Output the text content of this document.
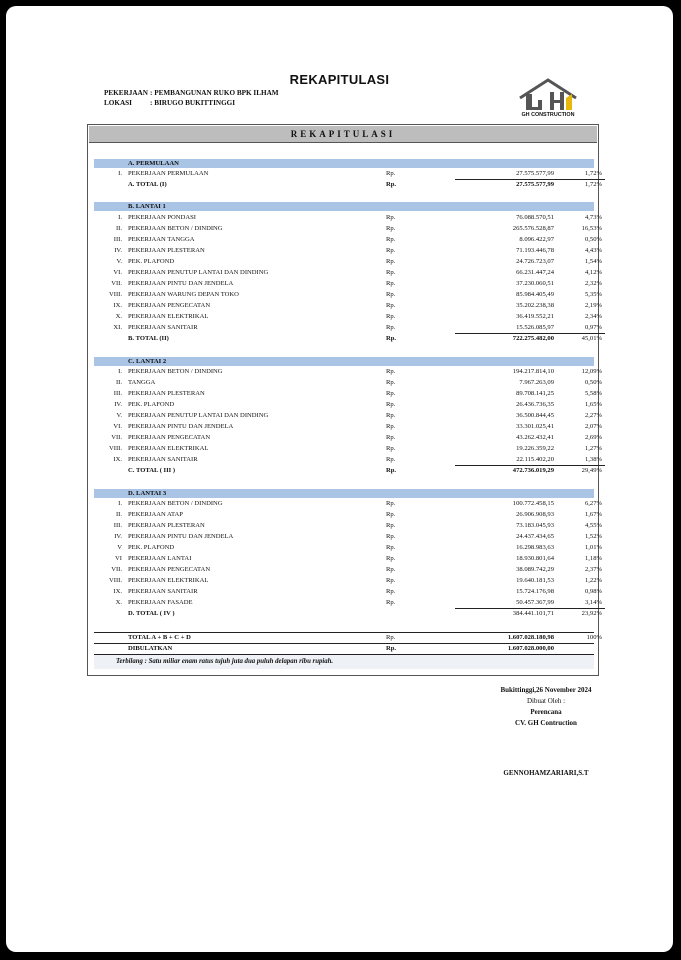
REKAPITULASI
PEKERJAAN : PEMBANGUNAN RUKO BPK ILHAM
LOKASI	: BIRUGO BUKITTINGGI
GH CONSTRUCTION
REKAPITULASI
A. PERMULAAN
I. PEKERJAAN PERMULAAN	Rp.	27.575.577,99	1,72%
A. TOTAL (I)	Rp.	27.575.577,99	1,72%
B. LANTAI 1
I. PEKERJAAN PONDASI	Rp.	76.088.570,51	4,73%
II. PEKERJAAN BETON / DINDING	Rp.	265.576.528,87	16,53%
III. PEKERJAAN TANGGA	Rp.	8.096.422,97	0,50%
IV. PEKERJAAN PLESTERAN	Rp.	71.193.446,78	4,43%
V. PEK. PLAFOND	Rp.	24.726.723,07	1,54%
VI. PEKERJAAN PENUTUP LANTAI DAN DINDING	Rp.	66.231.447,24	4,12%
VII. PEKERJAAN PINTU DAN JENDELA	Rp.	37.230.060,51	2,32%
VIII. PEKERJAAN WARUNG DEPAN TOKO	Rp.	85.984.405,49	5,35%
IX. PEKERJAAN PENGECATAN	Rp.	35.202.238,38	2,19%
X. PEKERJAAN ELEKTRIKAL	Rp.	36.419.552,21	2,34%
XI. PEKERJAAN SANITAIR	Rp.	15.526.085,97	0,97%
B. TOTAL (II)	Rp.	722.275.482,00	45,01%
C. LANTAI 2
I. PEKERJAAN BETON / DINDING	Rp.	194.217.814,10	12,09%
II. TANGGA	Rp.	7.967.263,09	0,50%
III. PEKERJAAN PLESTERAN	Rp.	89.708.141,25	5,58%
IV. PEK. PLAFOND	Rp.	26.436.736,35	1,65%
V. PEKERJAAN PENUTUP LANTAI DAN DINDING	Rp.	36.500.844,45	2,27%
VI. PEKERJAAN PINTU DAN JENDELA	Rp.	33.301.025,41	2,07%
VII. PEKERJAAN PENGECATAN	Rp.	43.262.432,41	2,69%
VIII. PEKERJAAN ELEKTRIKAL	Rp.	19.226.359,22	1,27%
IX. PEKERJAAN SANITAIR	Rp.	22.115.402,20	1,38%
C. TOTAL ( III )	Rp.	472.736.019,29	29,49%
D. LANTAI 3
I. PEKERJAAN BETON / DINDING	Rp.	100.772.458,15	6,27%
II. PEKERJAAN ATAP	Rp.	26.906.908,93	1,67%
III. PEKERJAAN PLESTERAN	Rp.	73.183.045,93	4,55%
IV. PEKERJAAN PINTU DAN JENDELA	Rp.	24.437.434,65	1,52%
V PEK. PLAFOND	Rp.	16.298.983,63	1,01%
VI PEKERJAAN LANTAI	Rp.	18.930.801,64	1,18%
VII. PEKERJAAN PENGECATAN	Rp.	38.089.742,29	2,37%
VIII. PEKERJAAN ELEKTRIKAL	Rp.	19.640.181,53	1,22%
IX. PEKERJAAN SANITAIR	Rp.	15.724.176,98	0,98%
X. PEKERJAAN FASADE	Rp.	50.457.367,99	3,14%
D. TOTAL ( IV )	384.441.101,71	23,92%
TOTAL A + B + C + D	Rp.	1.607.028.180,98	100%
DIBULATKAN	Rp.	1.607.028.000,00
Terbilang : Satu miliar enam ratus tujuh juta dua puluh delapan ribu rupiah.
Bukittinggi,26 November 2024
Dibuat Oleh :
Perencana
CV. GH Contruction
GENNOHAMZARIARI,S.T
